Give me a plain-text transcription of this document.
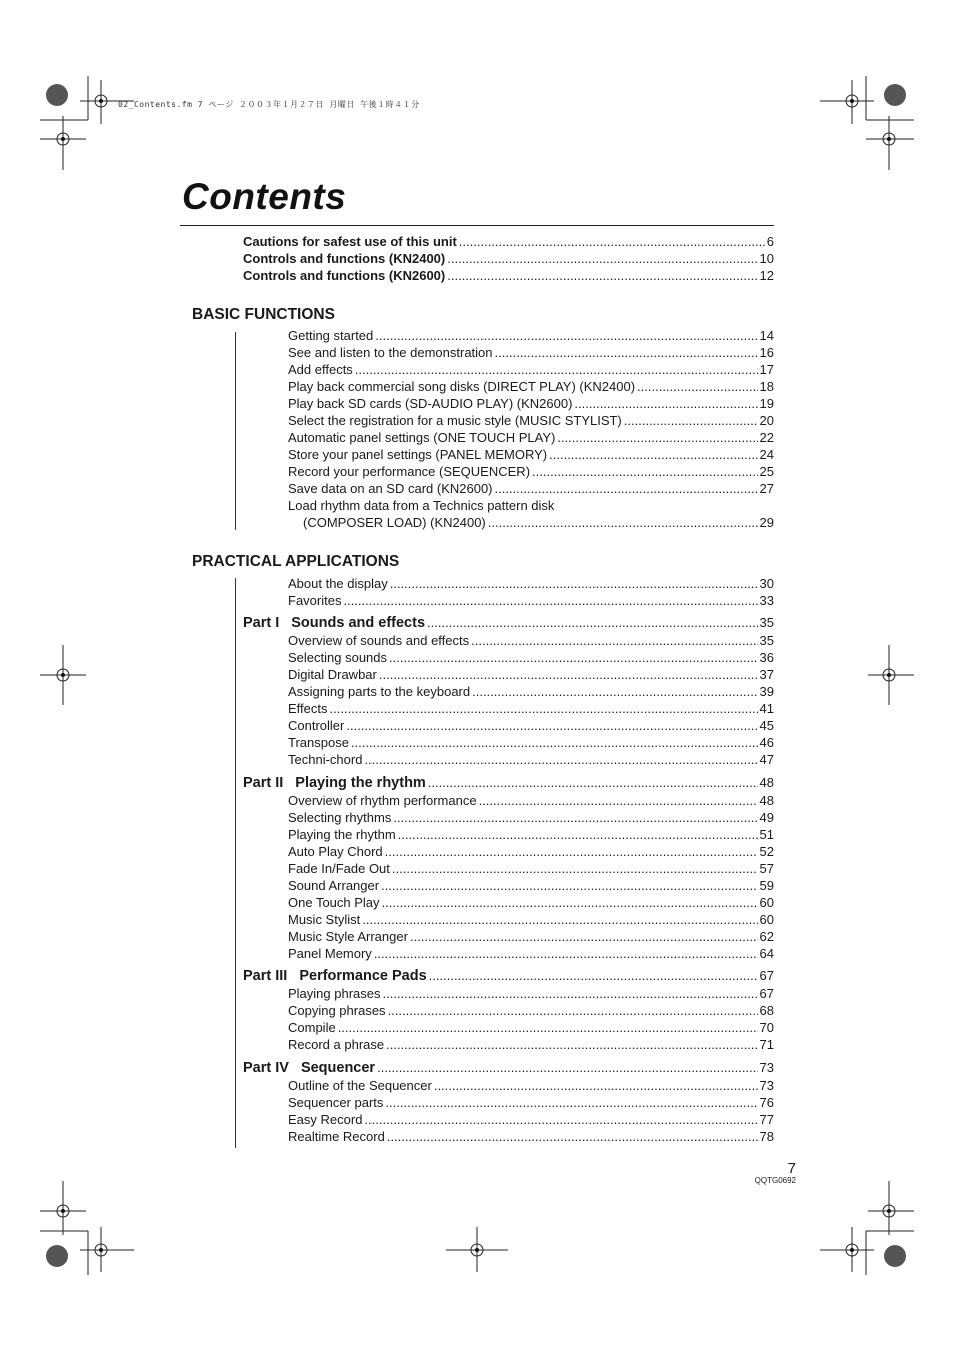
02_Contents.fm 7 ページ ２００３年１月２７日 月曜日 午後１時４１分
Contents
Cautions for safest use of this unit .....	6
Controls and functions (KN2400) .....	10
Controls and functions (KN2600) .....	12
BASIC FUNCTIONS
Getting started .....	14
See and listen to the demonstration .....	16
Add effects .....	17
Play back commercial song disks (DIRECT PLAY) (KN2400) .....	18
Play back SD cards (SD-AUDIO PLAY) (KN2600) .....	19
Select the registration for a music style (MUSIC STYLIST) .....	20
Automatic panel settings (ONE TOUCH PLAY) .....	22
Store your panel settings (PANEL MEMORY) .....	24
Record your performance (SEQUENCER) .....	25
Save data on an SD card (KN2600) .....	27
Load rhythm data from a Technics pattern disk
(COMPOSER LOAD) (KN2400) .....	29
PRACTICAL APPLICATIONS
About the display .....	30
Favorites .....	33
Part I Sounds and effects .....	35
Overview of sounds and effects .....	35
Selecting sounds .....	36
Digital Drawbar .....	37
Assigning parts to the keyboard .....	39
Effects .....	41
Controller .....	45
Transpose .....	46
Techni-chord .....	47
Part II Playing the rhythm .....	48
Overview of rhythm performance .....	48
Selecting rhythms .....	49
Playing the rhythm .....	51
Auto Play Chord .....	52
Fade In/Fade Out .....	57
Sound Arranger .....	59
One Touch Play .....	60
Music Stylist .....	60
Music Style Arranger .....	62
Panel Memory .....	64
Part III Performance Pads .....	67
Playing phrases .....	67
Copying phrases .....	68
Compile .....	70
Record a phrase .....	71
Part IV Sequencer .....	73
Outline of the Sequencer .....	73
Sequencer parts .....	76
Easy Record .....	77
Realtime Record .....	78
7
QQTG0692
